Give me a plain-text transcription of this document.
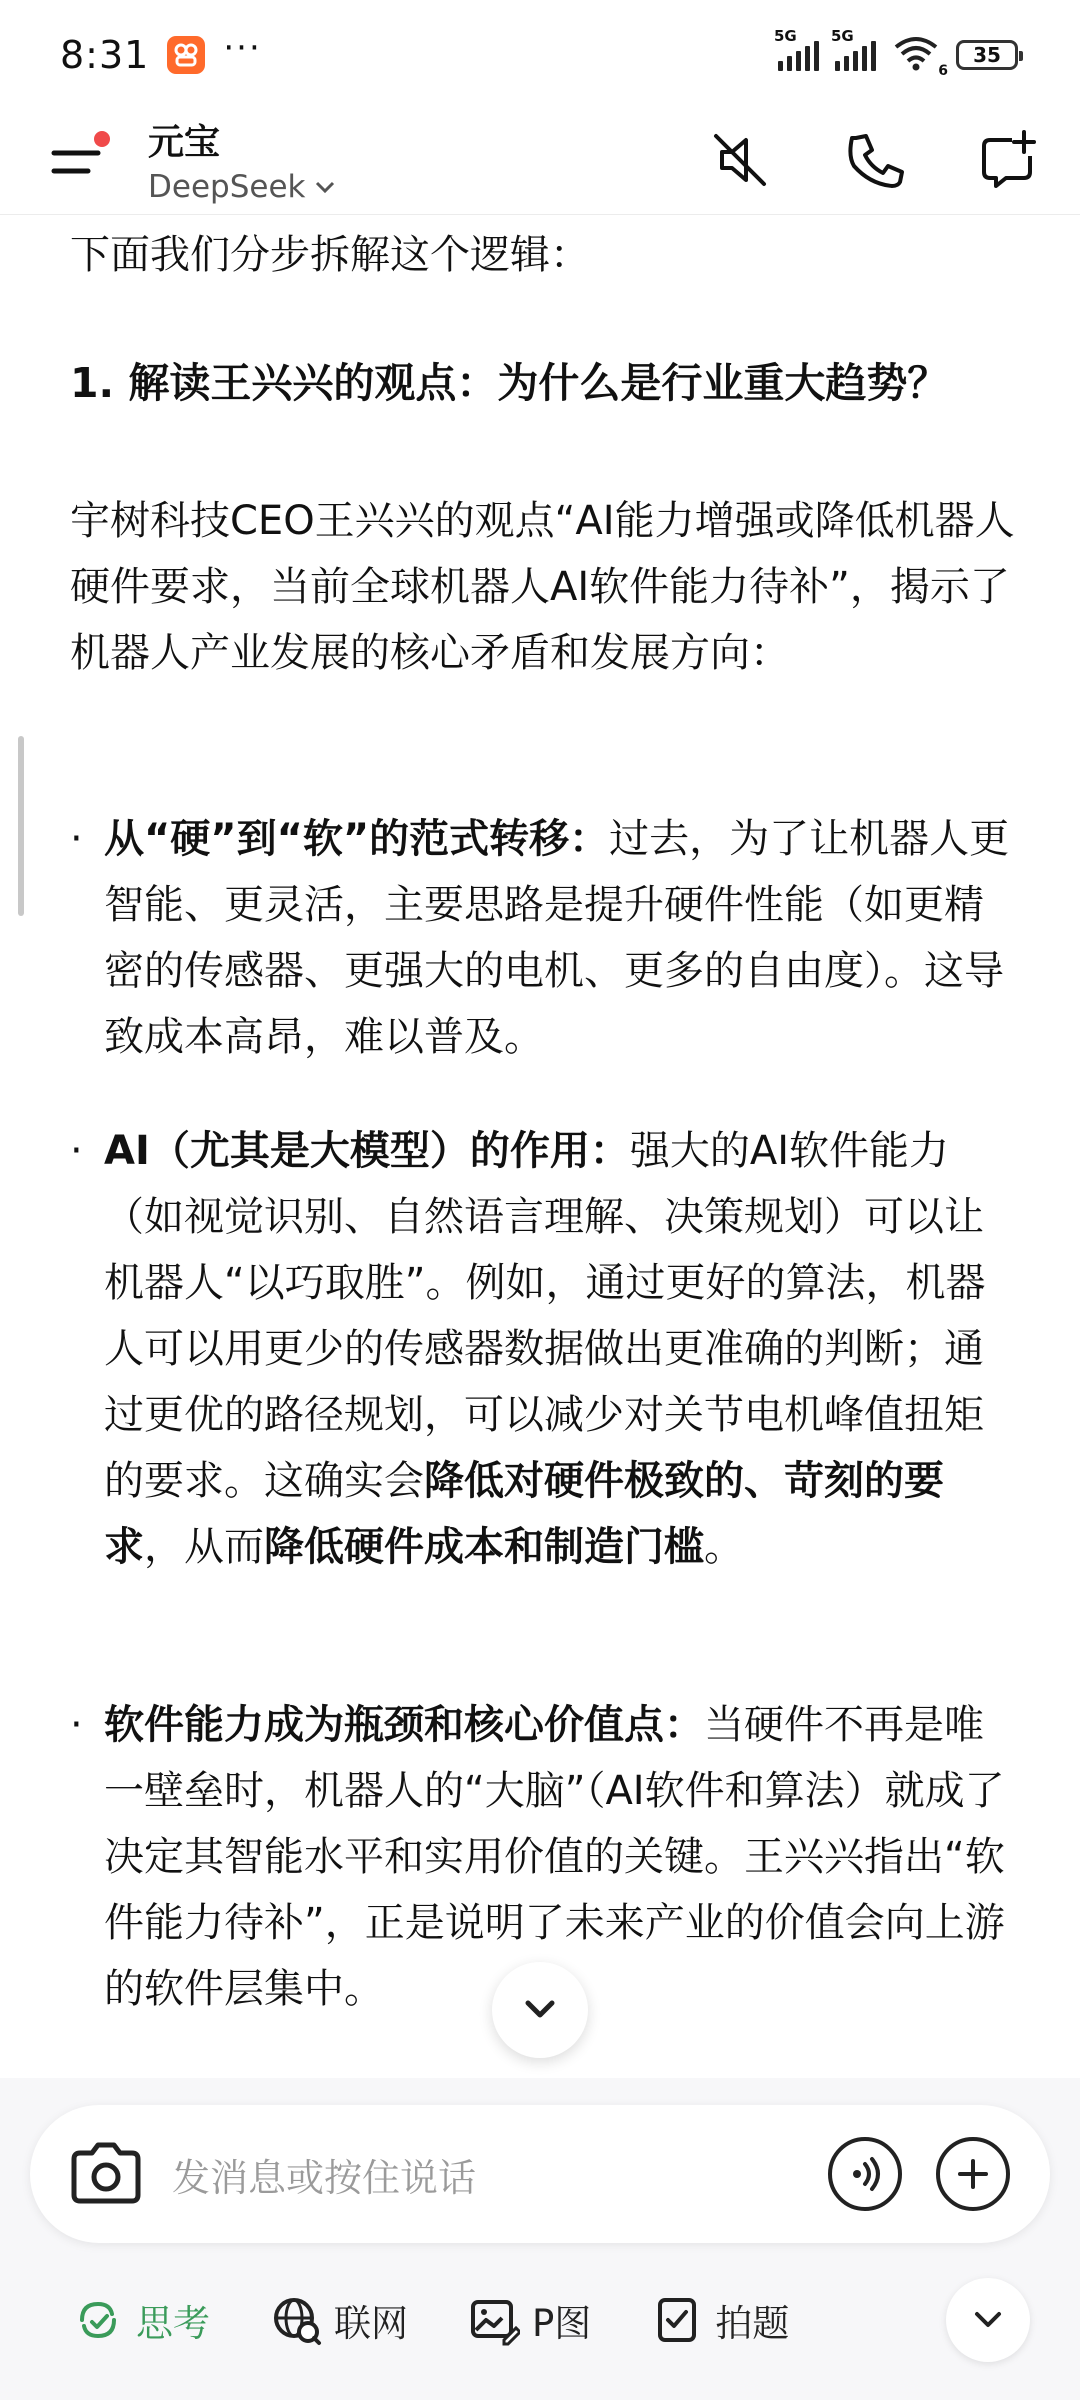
8:31 ···	5G 5G
6
35
元宝
DeepSeek

下面我们分步拆解这个逻辑：

1. 解读王兴兴的观点：为什么是行业重大趋势？

宇树科技CEO王兴兴的观点“AI能力增强或降低机器人硬件要求，当前全球机器人AI软件能力待补”，揭示了机器人产业发展的核心矛盾和发展方向：

· 从“硬”到“软”的范式转移：过去，为了让机器人更智能、更灵活，主要思路是提升硬件性能（如更精密的传感器、更强大的电机、更多的自由度）。这导致成本高昂，难以普及。
· AI（尤其是大模型）的作用：强大的AI软件能力（如视觉识别、自然语言理解、决策规划）可以让机器人“以巧取胜”。例如，通过更好的算法，机器人可以用更少的传感器数据做出更准确的判断；通过更优的路径规划，可以减少对关节电机峰值扭矩的要求。这确实会降低对硬件极致的、苛刻的要求，从而降低硬件成本和制造门槛。
· 软件能力成为瓶颈和核心价值点：当硬件不再是唯一壁垒时，机器人的“大脑”（AI软件和算法）就成了决定其智能水平和实用价值的关键。王兴兴指出“软件能力待补”，正是说明了未来产业的价值会向上游的软件层集中。
发消息或按住说话
思考	联网	P图	拍题
